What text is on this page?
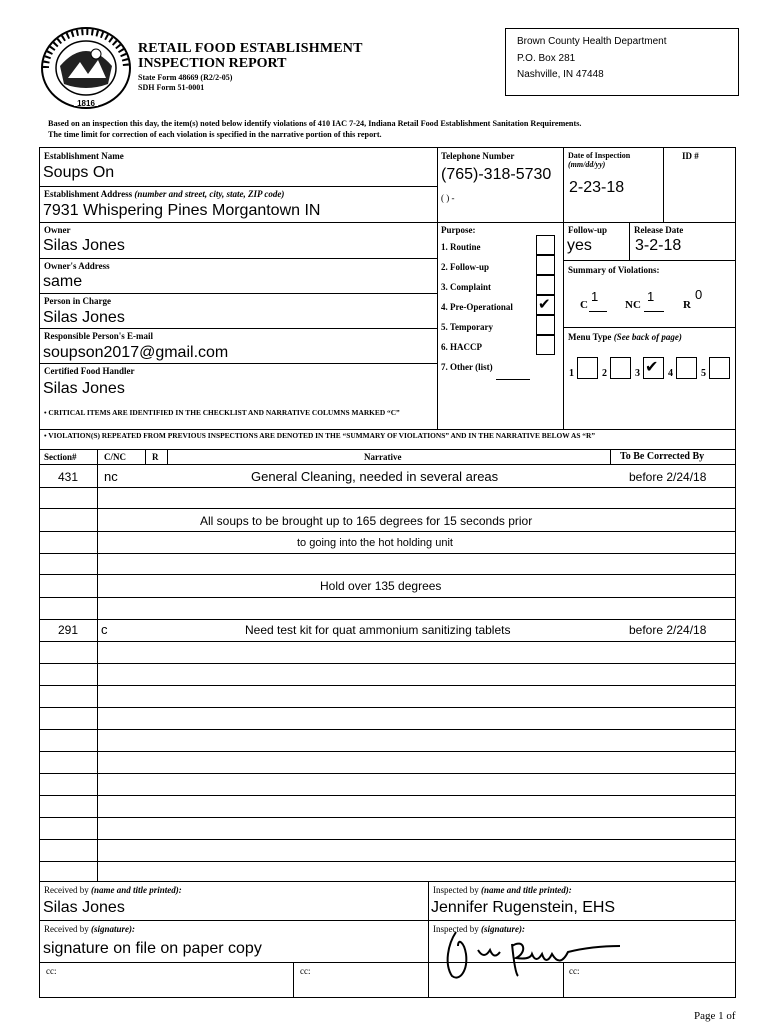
1816
RETAIL FOOD ESTABLISHMENT
INSPECTION REPORT
State Form 48669 (R2/2-05)
SDH Form 51-0001
Brown County Health Department
P.O. Box 281
Nashville, IN 47448
Based on an inspection this day, the item(s) noted below identify violations of 410 IAC 7-24, Indiana Retail Food Establishment Sanitation Requirements.
The time limit for correction of each violation is specified in the narrative portion of this report.
Establishment Name
Soups On
Establishment Address (number and street, city, state, ZIP code)
7931 Whispering Pines Morgantown IN
Owner
Silas Jones
Owner's Address
same
Person in Charge
Silas Jones
Responsible Person's E-mail
soupson2017@gmail.com
Certified Food Handler
Silas Jones
Telephone Number
(765)-318-5730
( ) -
Date of Inspection
(mm/dd/yy)
2-23-18
ID #
Purpose:
1. Routine
2. Follow-up
3. Complaint
4. Pre-Operational ✔
5. Temporary
6. HACCP
7. Other (list)
Follow-up
yes
Release Date
3-2-18
Summary of Violations:
C
1
NC
1
R
0
Menu Type (See back of page)
1	2	3 ✔ 4	5
• CRITICAL ITEMS ARE IDENTIFIED IN THE CHECKLIST AND NARRATIVE COLUMNS MARKED “C”
• VIOLATION(S) REPEATED FROM PREVIOUS INSPECTIONS ARE DENOTED IN THE “SUMMARY OF VIOLATIONS” AND IN THE NARRATIVE BELOW AS “R”
Section#	C/NC	R	Narrative	To Be Corrected By
431 nc	General Cleaning, needed in several areas	before 2/24/18
All soups to be brought up to 165 degrees for 15 seconds prior
to going into the hot holding unit
Hold over 135 degrees
291 c	Need test kit for quat ammonium sanitizing tablets	before 2/24/18
Received by (name and title printed):
Silas Jones
Inspected by (name and title printed):
Jennifer Rugenstein, EHS
Received by (signature):
signature on file on paper copy
Inspected by (signature):
cc:	cc:	cc:
Page 1 of
